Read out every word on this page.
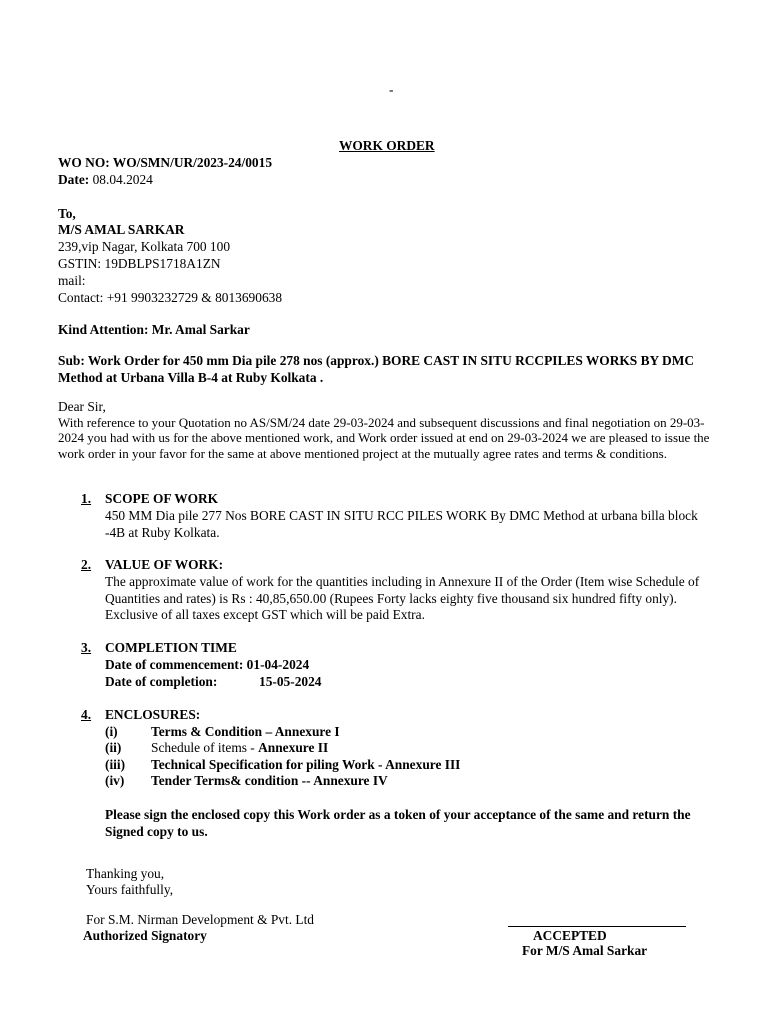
-
WORK ORDER
WO NO: WO/SMN/UR/2023-24/0015
Date: 08.04.2024
To,
M/S AMAL SARKAR
239,vip Nagar, Kolkata 700 100
GSTIN: 19DBLPS1718A1ZN
mail:
Contact: +91 9903232729 & 8013690638
Kind Attention: Mr. Amal Sarkar
Sub: Work Order for 450 mm Dia pile 278 nos (approx.) BORE CAST IN SITU RCCPILES WORKS BY DMC Method at Urbana Villa B-4 at Ruby Kolkata .
Dear Sir,
With reference to your Quotation no AS/SM/24 date 29-03-2024 and subsequent discussions and final negotiation on 29-03-2024 you had with us for the above mentioned work, and Work order issued at end on 29-03-2024 we are pleased to issue the work order in your favor for the same at above mentioned project at the mutually agree rates and terms & conditions.
1. SCOPE OF WORK
450 MM Dia pile 277 Nos BORE CAST IN SITU RCC PILES WORK By DMC Method at urbana billa block -4B at Ruby Kolkata.
2. VALUE OF WORK:
The approximate value of work for the quantities including in Annexure II of the Order (Item wise Schedule of Quantities and rates) is Rs : 40,85,650.00 (Rupees Forty lacks eighty five thousand six hundred fifty only). Exclusive of all taxes except GST which will be paid Extra.
3. COMPLETION TIME
Date of commencement: 01-04-2024
Date of completion:	15-05-2024
4. ENCLOSURES:
(i) Terms & Condition – Annexure I
(ii) Schedule of items - Annexure II
(iii) Technical Specification for piling Work - Annexure III
(iv) Tender Terms& condition -- Annexure IV
Please sign the enclosed copy this Work order as a token of your acceptance of the same and return the Signed copy to us.
Thanking you,
Yours faithfully,
For S.M. Nirman Development & Pvt. Ltd
Authorized Signatory	ACCEPTED
For M/S Amal Sarkar
